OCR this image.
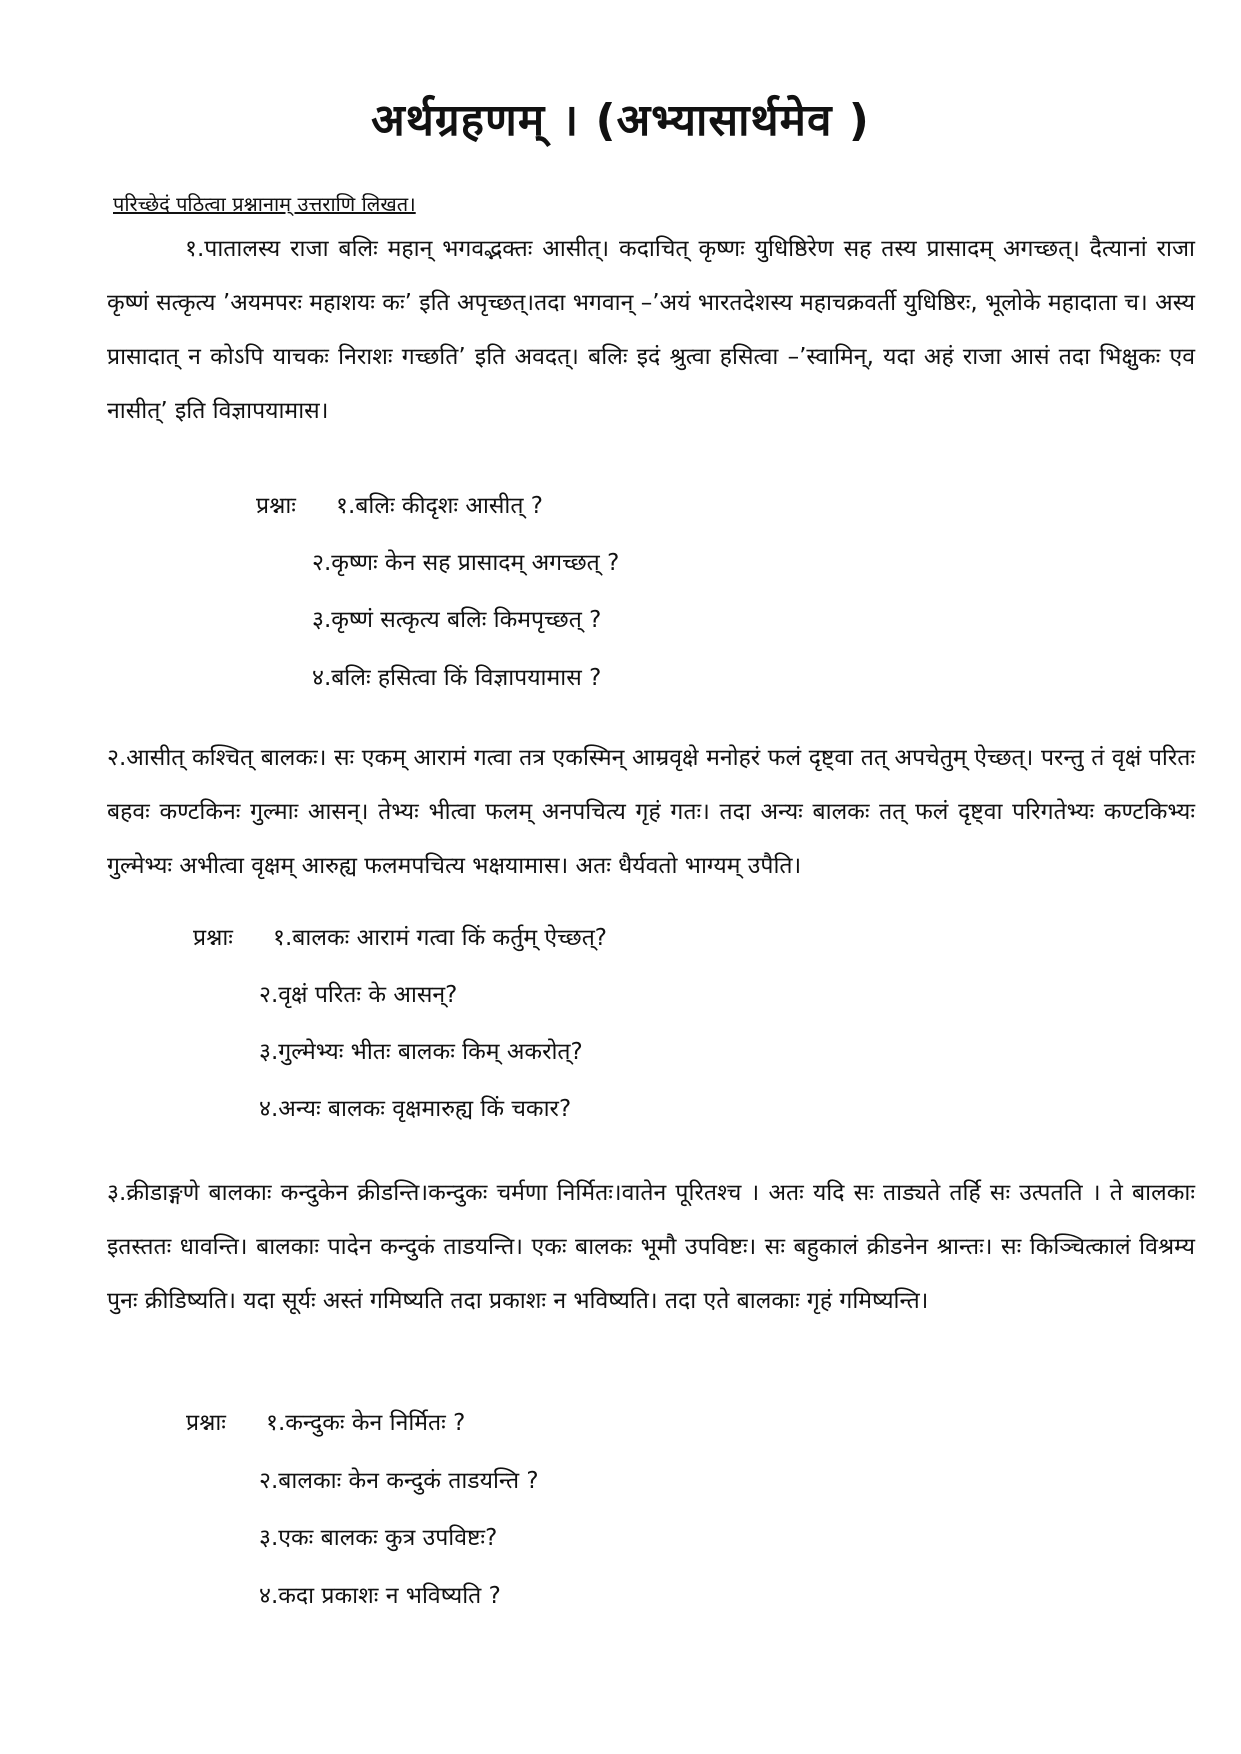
अर्थग्रहणम् । (अभ्यासार्थमेव )
परिच्छेदं पठित्वा प्रश्नानाम् उत्तराणि लिखत।

१.पातालस्य राजा बलिः महान् भगवद्भक्तः आसीत्। कदाचित् कृष्णः युधिष्ठिरेण सह तस्य प्रासादम् अगच्छत्। दैत्यानां राजा कृष्णं सत्कृत्य ’अयमपरः महाशयः कः’ इति अपृच्छत्।तदा भगवान् –’अयं भारतदेशस्य महाचक्रवर्ती युधिष्ठिरः, भूलोके महादाता च। अस्य प्रासादात् न कोऽपि याचकः निराशः गच्छति’ इति अवदत्। बलिः इदं श्रुत्वा हसित्वा –’स्वामिन्, यदा अहं राजा आसं तदा भिक्षुकः एव नासीत्’ इति विज्ञापयामास।

प्रश्नाः १.बलिः कीदृशः आसीत् ?
२.कृष्णः केन सह प्रासादम् अगच्छत् ?
३.कृष्णं सत्कृत्य बलिः किमपृच्छत् ?
४.बलिः हसित्वा किं विज्ञापयामास ?

२.आसीत् कश्चित् बालकः। सः एकम् आरामं गत्वा तत्र एकस्मिन् आम्रवृक्षे मनोहरं फलं दृष्ट्वा तत् अपचेतुम् ऐच्छत्। परन्तु तं वृक्षं परितः बहवः कण्टकिनः गुल्माः आसन्। तेभ्यः भीत्वा फलम् अनपचित्य गृहं गतः। तदा अन्यः बालकः तत् फलं दृष्ट्वा परिगतेभ्यः कण्टकिभ्यः गुल्मेभ्यः अभीत्वा वृक्षम् आरुह्य फलमपचित्य भक्षयामास। अतः धैर्यवतो भाग्यम् उपैति।

प्रश्नाः १.बालकः आरामं गत्वा किं कर्तुम् ऐच्छत्?
२.वृक्षं परितः के आसन्?
३.गुल्मेभ्यः भीतः बालकः किम् अकरोत्?
४.अन्यः बालकः वृक्षमारुह्य किं चकार?

३.क्रीडाङ्गणे बालकाः कन्दुकेन क्रीडन्ति।कन्दुकः चर्मणा निर्मितः।वातेन पूरितश्च । अतः यदि सः ताड्यते तर्हि सः उत्पतति । ते बालकाः इतस्ततः धावन्ति। बालकाः पादेन कन्दुकं ताडयन्ति। एकः बालकः भूमौ उपविष्टः। सः बहुकालं क्रीडनेन श्रान्तः। सः किञ्चित्कालं विश्रम्य पुनः क्रीडिष्यति। यदा सूर्यः अस्तं गमिष्यति तदा प्रकाशः न भविष्यति। तदा एते बालकाः गृहं गमिष्यन्ति।

प्रश्नाः १.कन्दुकः केन निर्मितः ?
२.बालकाः केन कन्दुकं ताडयन्ति ?
३.एकः बालकः कुत्र उपविष्टः?
४.कदा प्रकाशः न भविष्यति ?
